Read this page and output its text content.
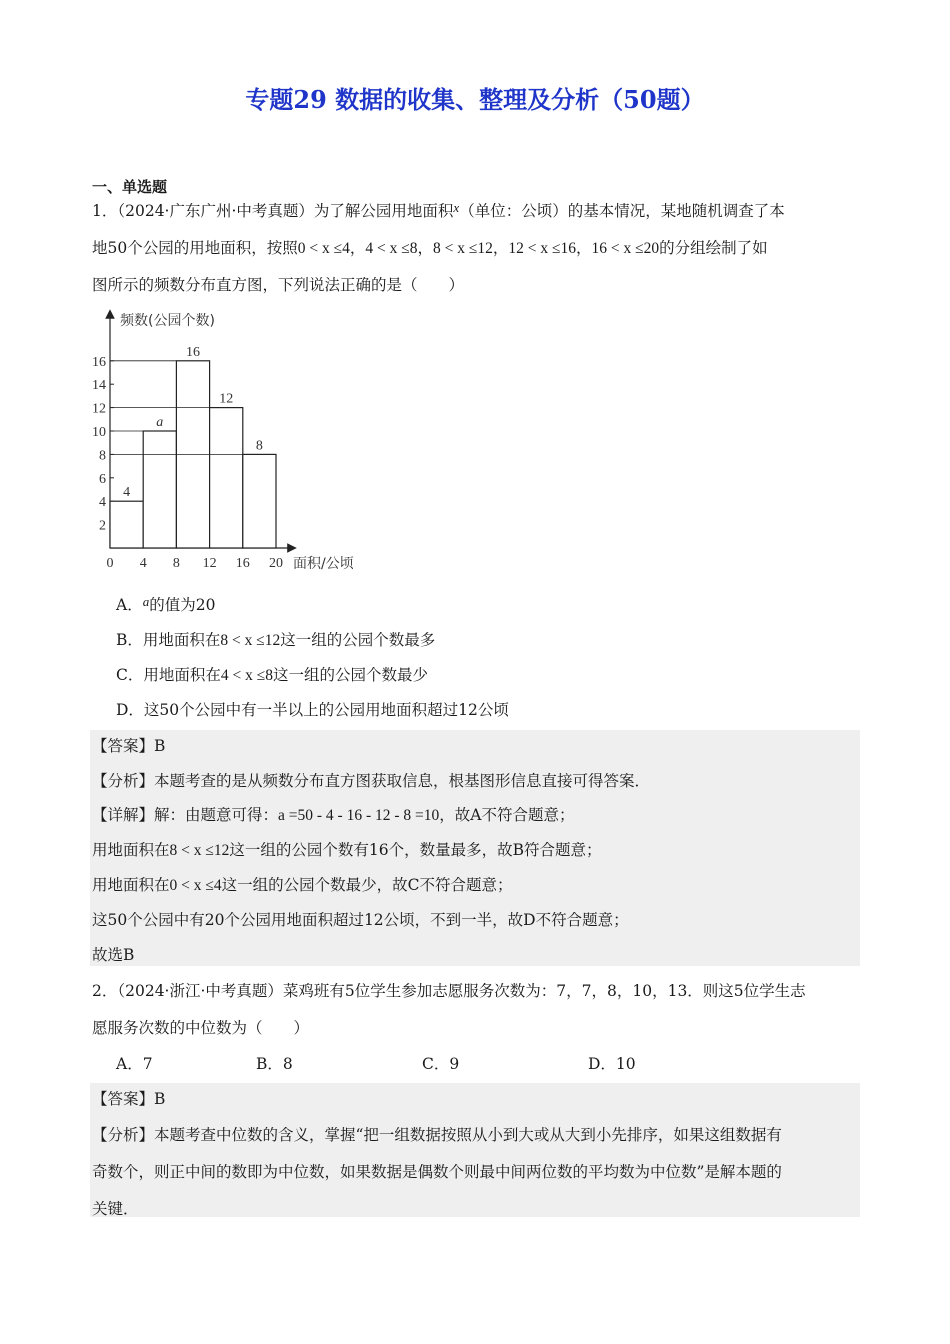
专题29 数据的收集、整理及分析（50题）
一、单选题
1．（2024·广东广州·中考真题）为了解公园用地面积$^x$（单位：公顷）的基本情况，某地随机调查了本
地50个公园的用地面积，按照0 < x ≤4，4 < x ≤8，8 < x ≤12，12 < x ≤16，16 < x ≤20的分组绘制了如
图所示的频数分布直方图，下列说法正确的是（　　）
频数(公园个数)
面积/公顷
2
4
6
8
10
12
14
16
0 4 8 12 16 20
4
a
16
12
8
A．$^a$的值为20
B．用地面积在8 < x ≤12这一组的公园个数最多
C．用地面积在4 < x ≤8这一组的公园个数最少
D．这50个公园中有一半以上的公园用地面积超过12公顷
【答案】B
【分析】本题考查的是从频数分布直方图获取信息，根基图形信息直接可得答案．
【详解】解：由题意可得：a =50 - 4 - 16 - 12 - 8 =10，故A不符合题意；
用地面积在8 < x ≤12这一组的公园个数有16个，数量最多，故B符合题意；
用地面积在0 < x ≤4这一组的公园个数最少，故C不符合题意；
这50个公园中有20个公园用地面积超过12公顷，不到一半，故D不符合题意；
故选B
2．（2024·浙江·中考真题）菜鸡班有5位学生参加志愿服务次数为：7，7，8，10，13．则这5位学生志
愿服务次数的中位数为（　　）
A．7	B．8	C．9	D．10
【答案】B
【分析】本题考查中位数的含义，掌握“把一组数据按照从小到大或从大到小先排序，如果这组数据有
奇数个，则正中间的数即为中位数，如果数据是偶数个则最中间两位数的平均数为中位数”是解本题的
关键．
